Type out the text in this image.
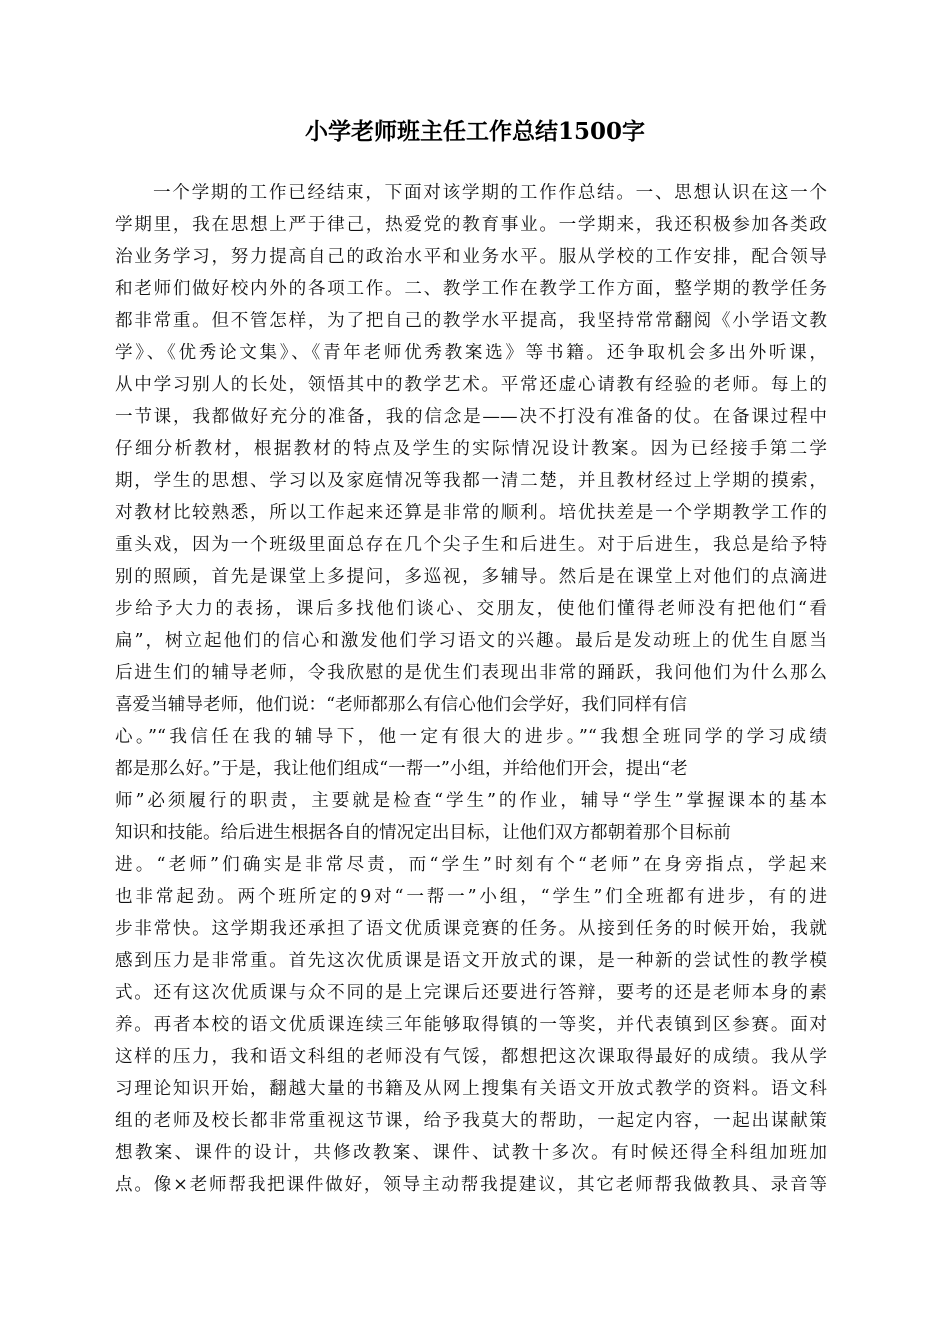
小学老师班主任工作总结1500字
一个学期的工作已经结束，下面对该学期的工作作总结。一、思想认识在这一个
学期里，我在思想上严于律己，热爱党的教育事业。一学期来，我还积极参加各类政
治业务学习，努力提高自己的政治水平和业务水平。服从学校的工作安排，配合领导
和老师们做好校内外的各项工作。二、教学工作在教学工作方面，整学期的教学任务
都非常重。但不管怎样，为了把自己的教学水平提高，我坚持常常翻阅《小学语文教
学》、《优秀论文集》、《青年老师优秀教案选》等书籍。还争取机会多出外听课，
从中学习别人的长处，领悟其中的教学艺术。平常还虚心请教有经验的老师。每上的
一节课，我都做好充分的准备，我的信念是——决不打没有准备的仗。在备课过程中
仔细分析教材，根据教材的特点及学生的实际情况设计教案。因为已经接手第二学
期，学生的思想、学习以及家庭情况等我都一清二楚，并且教材经过上学期的摸索，
对教材比较熟悉，所以工作起来还算是非常的顺利。培优扶差是一个学期教学工作的
重头戏，因为一个班级里面总存在几个尖子生和后进生。对于后进生，我总是给予特
别的照顾，首先是课堂上多提问，多巡视，多辅导。然后是在课堂上对他们的点滴进
步给予大力的表扬，课后多找他们谈心、交朋友，使他们懂得老师没有把他们“看
扁”，树立起他们的信心和激发他们学习语文的兴趣。最后是发动班上的优生自愿当
后进生们的辅导老师，令我欣慰的是优生们表现出非常的踊跃，我问他们为什么那么
喜爱当辅导老师，他们说：“老师都那么有信心他们会学好，我们同样有信
心。”“我信任在我的辅导下，他一定有很大的进步。”“我想全班同学的学习成绩
都是那么好。”于是，我让他们组成“一帮一”小组，并给他们开会，提出“老
师”必须履行的职责，主要就是检查“学生”的作业，辅导“学生”掌握课本的基本
知识和技能。给后进生根据各自的情况定出目标，让他们双方都朝着那个目标前
进。“老师”们确实是非常尽责，而“学生”时刻有个“老师”在身旁指点，学起来
也非常起劲。两个班所定的9对“一帮一”小组，“学生”们全班都有进步，有的进
步非常快。这学期我还承担了语文优质课竞赛的任务。从接到任务的时候开始，我就
感到压力是非常重。首先这次优质课是语文开放式的课，是一种新的尝试性的教学模
式。还有这次优质课与众不同的是上完课后还要进行答辩，要考的还是老师本身的素
养。再者本校的语文优质课连续三年能够取得镇的一等奖，并代表镇到区参赛。面对
这样的压力，我和语文科组的老师没有气馁，都想把这次课取得最好的成绩。我从学
习理论知识开始，翻越大量的书籍及从网上搜集有关语文开放式教学的资料。语文科
组的老师及校长都非常重视这节课，给予我莫大的帮助，一起定内容，一起出谋献策
想教案、课件的设计，共修改教案、课件、试教十多次。有时候还得全科组加班加
点。像×老师帮我把课件做好，领导主动帮我提建议，其它老师帮我做教具、录音等
